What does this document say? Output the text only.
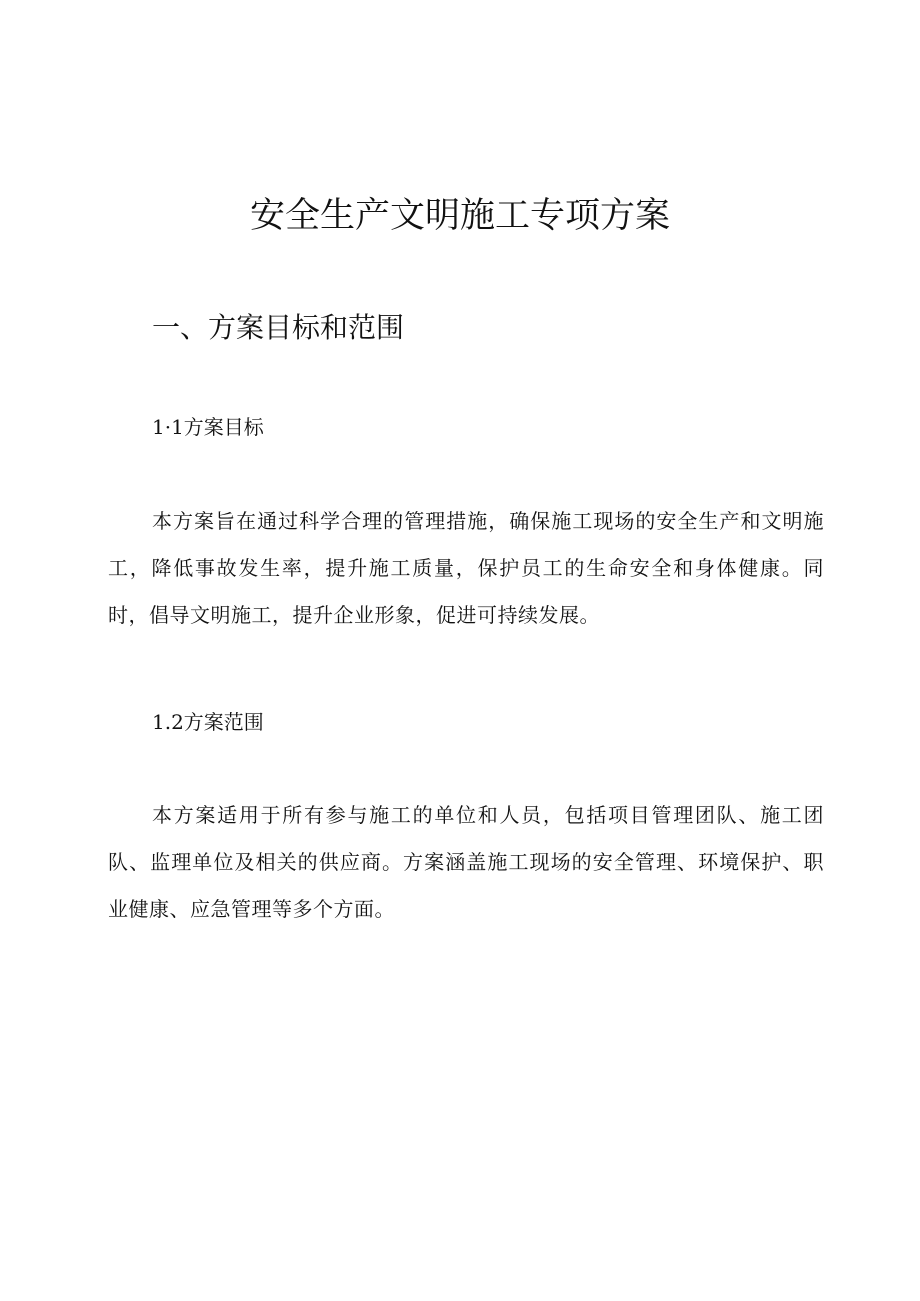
安全生产文明施工专项方案
一、方案目标和范围
1·1方案目标

本方案旨在通过科学合理的管理措施，确保施工现场的安全生产和文明施工，降低事故发生率，提升施工质量，保护员工的生命安全和身体健康。同时，倡导文明施工，提升企业形象，促进可持续发展。

1.2方案范围

本方案适用于所有参与施工的单位和人员，包括项目管理团队、施工团队、监理单位及相关的供应商。方案涵盖施工现场的安全管理、环境保护、职业健康、应急管理等多个方面。
